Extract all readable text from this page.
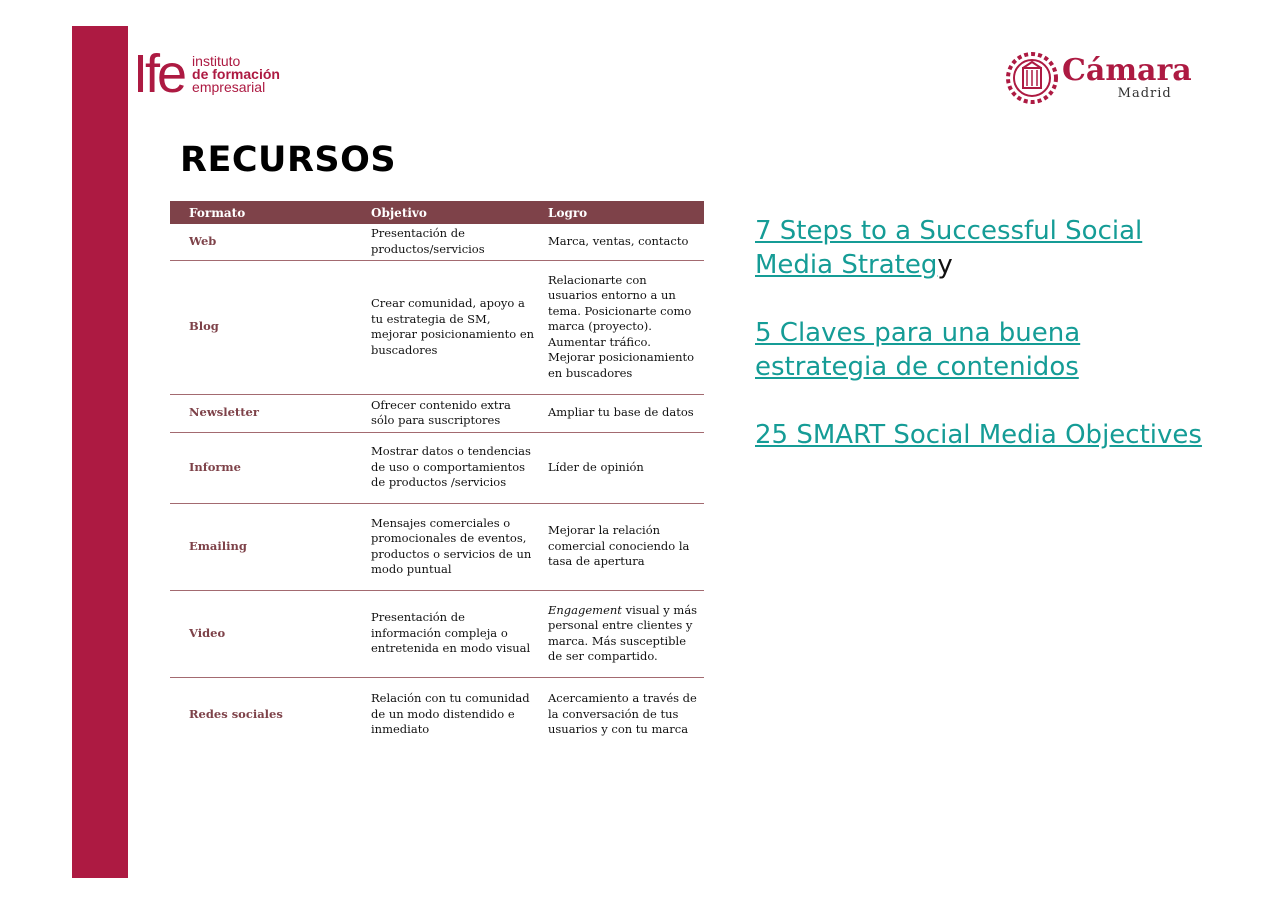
Ife instituto
de formación
empresarial	Cámara
Madrid
RECURSOS
Formato	Objetivo	Logro
Web	Presentación de productos/servicios	Marca, ventas, contacto
Blog	Crear comunidad, apoyo a tu estrategia de SM, mejorar posicionamiento en buscadores	Relacionarte con usuarios entorno a un tema. Posicionarte como marca (proyecto). Aumentar tráfico. Mejorar posicionamiento en buscadores
Newsletter	Ofrecer contenido extra sólo para suscriptores	Ampliar tu base de datos
Informe	Mostrar datos o tendencias de uso o comportamientos de productos /servicios	Líder de opinión
Emailing	Mensajes comerciales o promocionales de eventos, productos o servicios de un modo puntual	Mejorar la relación comercial conociendo la tasa de apertura
Video	Presentación de información compleja o entretenida en modo visual	Engagement visual y más personal entre clientes y marca. Más susceptible de ser compartido.
Redes sociales	Relación con tu comunidad de un modo distendido e inmediato	Acercamiento a través de la conversación de tus usuarios y con tu marca

7 Steps to a Successful Social Media Strategy

5 Claves para una buena estrategia de contenidos

25 SMART Social Media Objectives
